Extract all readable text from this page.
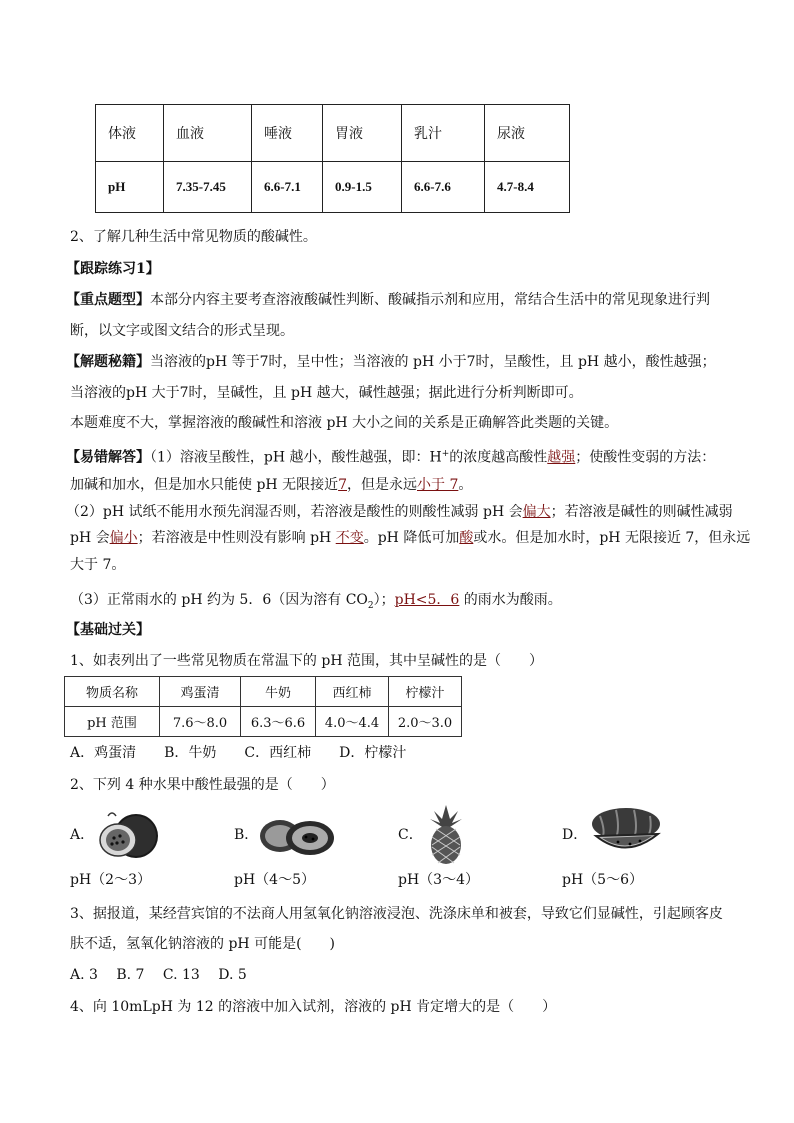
体液	血液	唾液	胃液	乳汁	尿液
pH	7.35-7.45	6.6-7.1	0.9-1.5	6.6-7.6	4.7-8.4
2、了解几种生活中常见物质的酸碱性。
【跟踪练习1】
【重点题型】本部分内容主要考查溶液酸碱性判断、酸碱指示剂和应用，常结合生活中的常见现象进行判
断，以文字或图文结合的形式呈现。
【解题秘籍】当溶液的pH 等于7时，呈中性；当溶液的 pH 小于7时，呈酸性，且 pH 越小，酸性越强；
当溶液的pH 大于7时，呈碱性，且 pH 越大，碱性越强；据此进行分析判断即可。
本题难度不大，掌握溶液的酸碱性和溶液 pH 大小之间的关系是正确解答此类题的关键。
【易错解答】（1）溶液呈酸性，pH 越小，酸性越强，即：H+的浓度越高酸性越强；使酸性变弱的方法：
加碱和加水，但是加水只能使 pH 无限接近7，但是永远小于 7。
（2）pH 试纸不能用水预先润湿否则，若溶液是酸性的则酸性减弱 pH 会偏大；若溶液是碱性的则碱性减弱
pH 会偏小；若溶液是中性则没有影响 pH 不变。pH 降低可加酸或水。但是加水时，pH 无限接近 7，但永远
大于 7。
（3）正常雨水的 pH 约为 5．6（因为溶有 $CO_2$）；pH<5．6 的雨水为酸雨。
【基础过关】
1、如表列出了一些常见物质在常温下的 pH 范围，其中呈碱性的是（　　）
物质名称	鸡蛋清	牛奶	西红柿	柠檬汁
pH 范围	7.6～8.0	6.3～6.6	4.0～4.4	2.0～3.0
A．鸡蛋清　　B．牛奶　　C．西红柿　　D．柠檬汁
2、下列 4 种水果中酸性最强的是（　　）
A．	B．	C．	D．
pH（2～3）	pH（4～5）	pH（3～4）	pH（5～6）
3、据报道，某经营宾馆的不法商人用氢氧化钠溶液浸泡、洗涤床单和被套，导致它们显碱性，引起顾客皮
肤不适，氢氧化钠溶液的 pH 可能是(　　)
A. 3　 B. 7　 C. 13　 D. 5
4、向 10mLpH 为 12 的溶液中加入试剂，溶液的 pH 肯定增大的是（　　）
